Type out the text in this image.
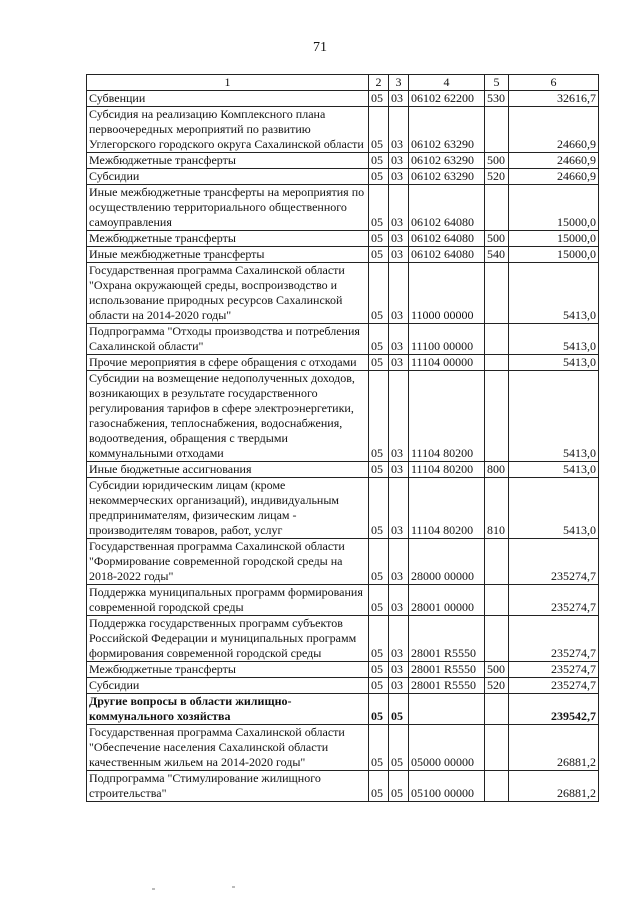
71
1	2	3	4	5	6
Субвенции	05	03	06102 62200	530	32616,7
Субсидия на реализацию Комплексного плана первоочередных мероприятий по развитию Углегорского городского округа Сахалинской области	05	03	06102 63290		24660,9
Межбюджетные трансферты	05	03	06102 63290	500	24660,9
Субсидии	05	03	06102 63290	520	24660,9
Иные межбюджетные трансферты на мероприятия по осуществлению территориального общественного самоуправления	05	03	06102 64080		15000,0
Межбюджетные трансферты	05	03	06102 64080	500	15000,0
Иные межбюджетные трансферты	05	03	06102 64080	540	15000,0
Государственная программа Сахалинской области "Охрана окружающей среды, воспроизводство и использование природных ресурсов Сахалинской области на 2014-2020 годы"	05	03	11000 00000		5413,0
Подпрограмма "Отходы производства и потребления Сахалинской области"	05	03	11100 00000		5413,0
Прочие мероприятия в сфере обращения с отходами	05	03	11104 00000		5413,0
Субсидии на возмещение недополученных доходов, возникающих в результате государственного регулирования тарифов в сфере электроэнергетики, газоснабжения, теплоснабжения, водоснабжения, водоотведения, обращения с твердыми коммунальными отходами	05	03	11104 80200		5413,0
Иные бюджетные ассигнования	05	03	11104 80200	800	5413,0
Субсидии юридическим лицам (кроме некоммерческих организаций), индивидуальным предпринимателям, физическим лицам - производителям товаров, работ, услуг	05	03	11104 80200	810	5413,0
Государственная программа Сахалинской области "Формирование современной городской среды на 2018-2022 годы"	05	03	28000 00000		235274,7
Поддержка муниципальных программ формирования современной городской среды	05	03	28001 00000		235274,7
Поддержка государственных программ субъектов Российской Федерации и муниципальных программ формирования современной городской среды	05	03	28001 R5550		235274,7
Межбюджетные трансферты	05	03	28001 R5550	500	235274,7
Субсидии	05	03	28001 R5550	520	235274,7
Другие вопросы в области жилищно-коммунального хозяйства	05	05			239542,7
Государственная программа Сахалинской области "Обеспечение населения Сахалинской области качественным жильем на 2014-2020 годы"	05	05	05000 00000		26881,2
Подпрограмма "Стимулирование жилищного строительства"	05	05	05100 00000		26881,2
